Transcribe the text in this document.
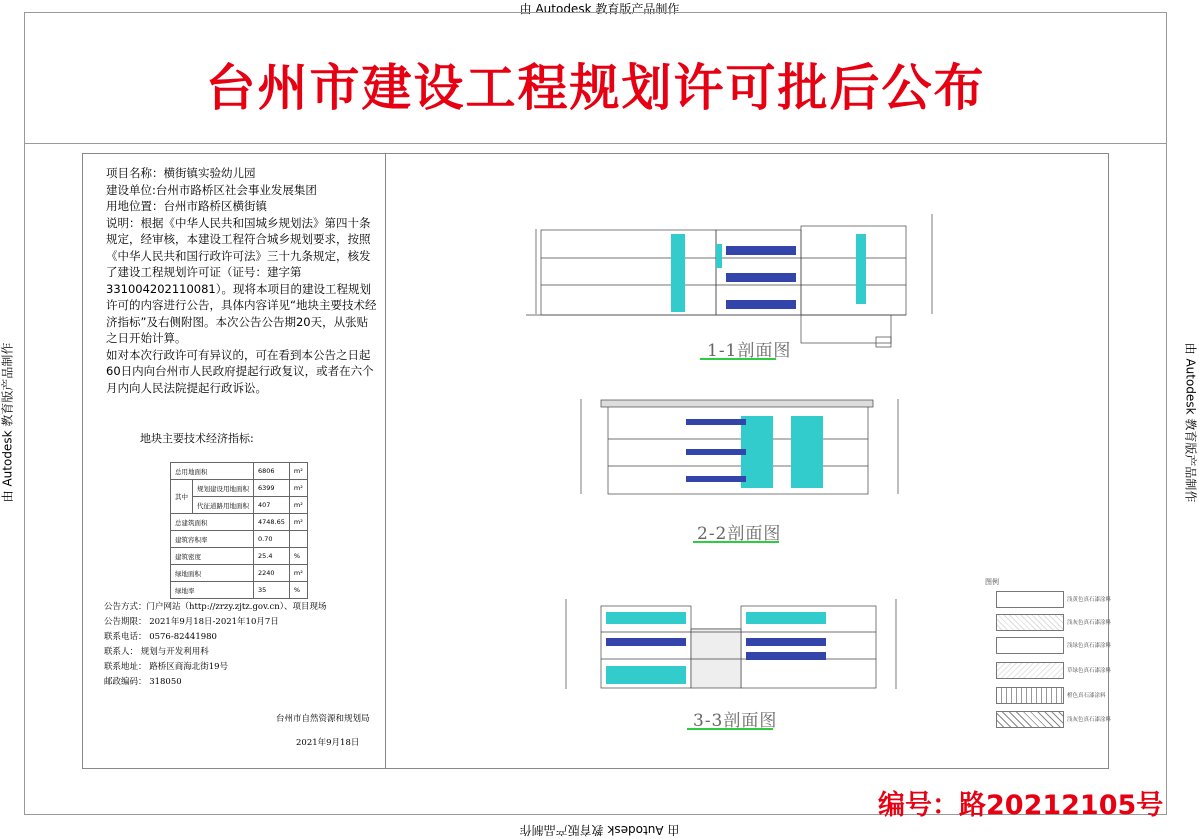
由 Autodesk 教育版产品制作
由 Autodesk 教育版产品制作
由 Autodesk 教育版产品制作	由 Autodesk 教育版产品制作
台州市建设工程规划许可批后公布

项目名称：横街镇实验幼儿园

建设单位:台州市路桥区社会事业发展集团

用地位置：台州市路桥区横街镇

说明：根据《中华人民共和国城乡规划法》第四十条规定，经审核，本建设工程符合城乡规划要求，按照《中华人民共和国行政许可法》三十九条规定，核发了建设工程规划许可证（证号：建字第331004202110081）。现将本项目的建设工程规划许可的内容进行公告，具体内容详见“地块主要技术经济指标”及右侧附图。本次公告公告期20天，从张贴之日开始计算。

如对本次行政许可有异议的，可在看到本公告之日起60日内向台州市人民政府提起行政复议，或者在六个月内向人民法院提起行政诉讼。

地块主要技术经济指标:
总用地面积		6806	m²
其中	规划建设用地面积	6399	m²
	代征道路用地面积	407	m²
总建筑面积		4748.65	m²
建筑容积率		0.70	
建筑密度		25.4	%
绿地面积		2240	m²
绿地率		35	%
公告方式：门户网站（http://zrzy.zjtz.gov.cn）、项目现场
公告期限： 2021年9月18日-2021年10月7日
联系电话： 0576-82441980
联系人： 规划与开发利用科
联系地址： 路桥区商海北街19号
邮政编码： 318050
台州市自然资源和规划局
2021年9月18日
1-1剖面图
2-2剖面图
3-3剖面图
图例
浅黄色真石漆涂料
浅灰色真石漆涂料
浅绿色真石漆涂料
草绿色真石漆涂料
橙色真石漆涂料
浅灰色真石漆涂料
编号：路20212105号
